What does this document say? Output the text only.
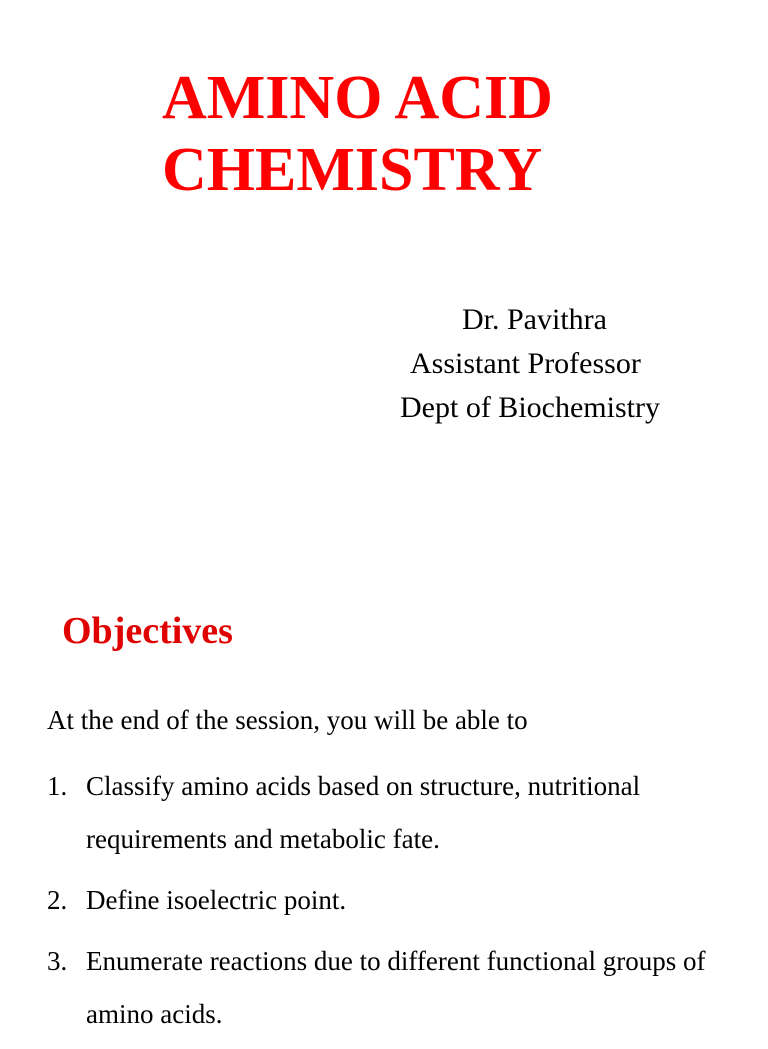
AMINO ACID
CHEMISTRY
Dr. Pavithra
Assistant Professor
Dept of Biochemistry
Objectives
At the end of the session, you will be able to
1. Classify amino acids based on structure, nutritional requirements and metabolic fate.
2. Define isoelectric point.
3. Enumerate reactions due to different functional groups of amino acids.
